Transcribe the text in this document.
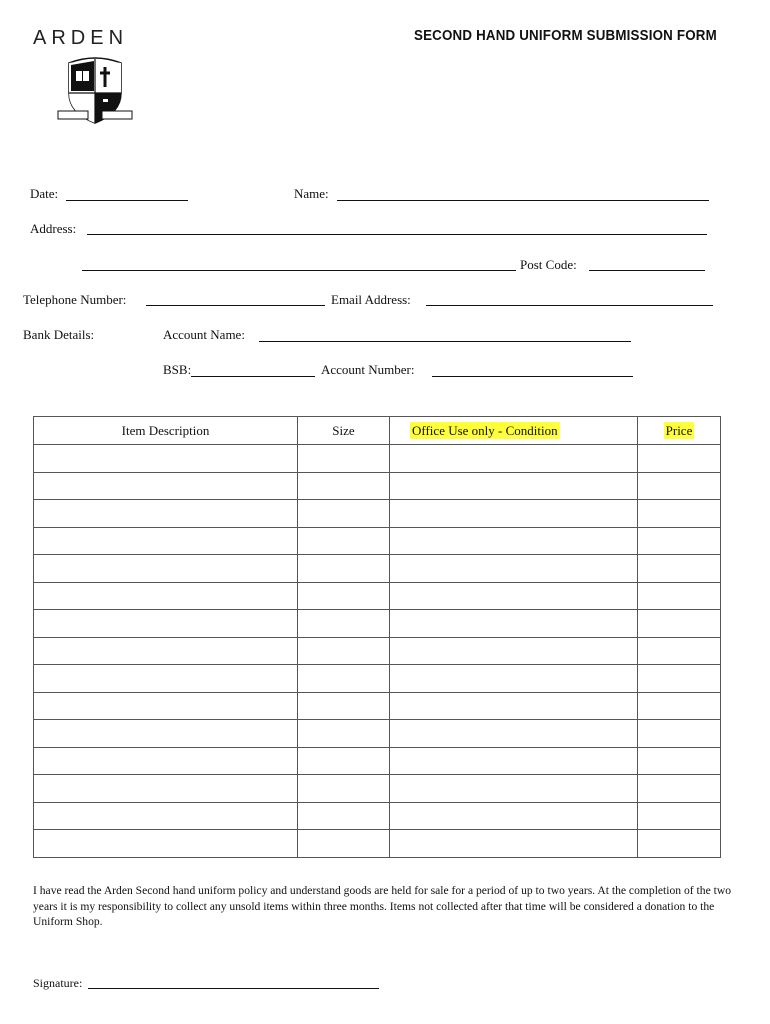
ARDEN	SECOND HAND UNIFORM SUBMISSION FORM
Date:	Name:
Address:
Post Code:
Telephone Number:	Email Address:
Bank Details:	Account Name:
BSB:	Account Number:
Item Description	Size	Office Use only - Condition	Price

I have read the Arden Second hand uniform policy and understand goods are held for sale for a period of up to two years. At the completion of the two years it is my responsibility to collect any unsold items within three months. Items not collected after that time will be considered a donation to the Uniform Shop.
Signature:
